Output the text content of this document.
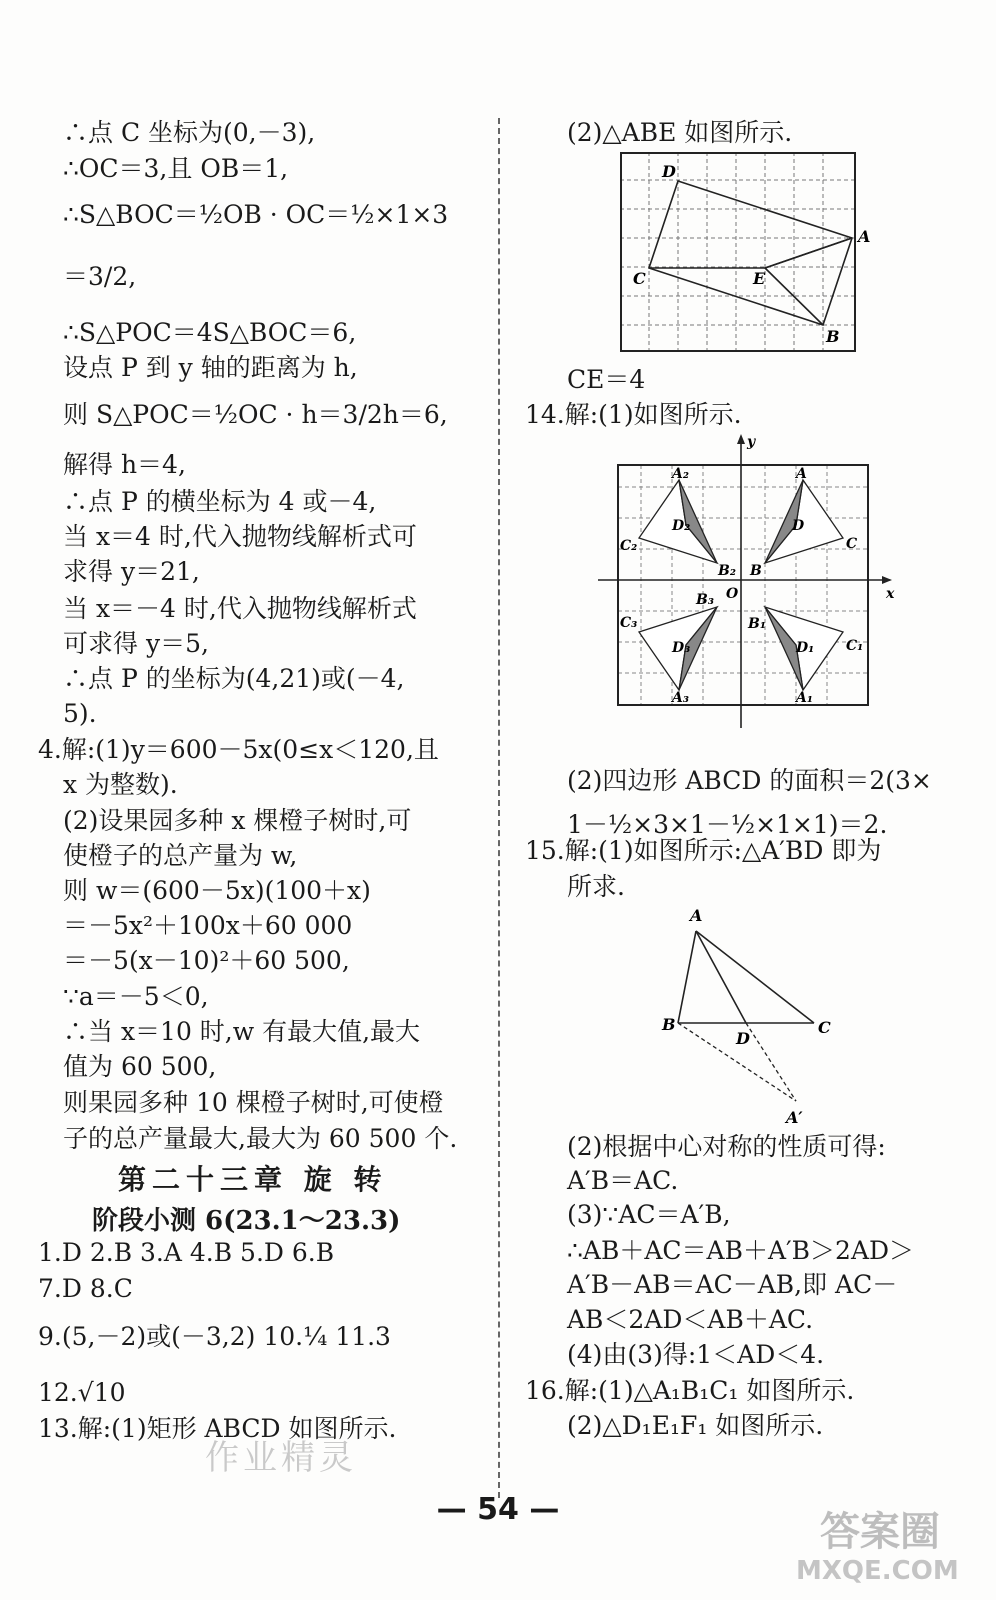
∴点 C 坐标为(0,－3),
∴OC＝3,且 OB＝1,
∴S△BOC＝½OB · OC＝½×1×3
＝3/2,
∴S△POC＝4S△BOC＝6,
设点 P 到 y 轴的距离为 h,
则 S△POC＝½OC · h＝3/2h＝6,
解得 h＝4,
∴点 P 的横坐标为 4 或－4,
当 x＝4 时,代入抛物线解析式可
求得 y＝21,
当 x＝－4 时,代入抛物线解析式
可求得 y＝5,
∴点 P 的坐标为(4,21)或(－4,
5).
4.解:(1)y＝600－5x(0≤x＜120,且
x 为整数).
(2)设果园多种 x 棵橙子树时,可
使橙子的总产量为 w,
则 w＝(600－5x)(100＋x)
＝－5x²＋100x＋60 000
＝－5(x－10)²＋60 500,
∵a＝－5＜0,
∴当 x＝10 时,w 有最大值,最大
值为 60 500,
则果园多种 10 棵橙子树时,可使橙
子的总产量最大,最大为 60 500 个.
第二十三章 旋 转
阶段小测 6(23.1～23.3)
1.D 2.B 3.A 4.B 5.D 6.B
7.D 8.C
9.(5,－2)或(－3,2) 10.¼ 11.3
12.√10
13.解:(1)矩形 ABCD 如图所示.
(2)△ABE 如图所示.
D
A
C	E
B
CE＝4
14.解:(1)如图所示.
y
x
O
A
D
C
B
A₂
D₂
C₂
B₂
B₃
C₃
D₃
A₃
B₁
D₁ C₁
A₁
(2)四边形 ABCD 的面积＝2(3×
1－½×3×1－½×1×1)＝2.
15.解:(1)如图所示:△A′BD 即为
所求.
A
B	C
D
A′
(2)根据中心对称的性质可得:
A′B＝AC.
(3)∵AC＝A′B,
∴AB＋AC＝AB＋A′B＞2AD＞
A′B－AB＝AC－AB,即 AC－
AB＜2AD＜AB＋AC.
(4)由(3)得:1＜AD＜4.
16.解:(1)△A₁B₁C₁ 如图所示.
(2)△D₁E₁F₁ 如图所示.
— 54 —
作业精灵
答案圈
MXQE.COM
